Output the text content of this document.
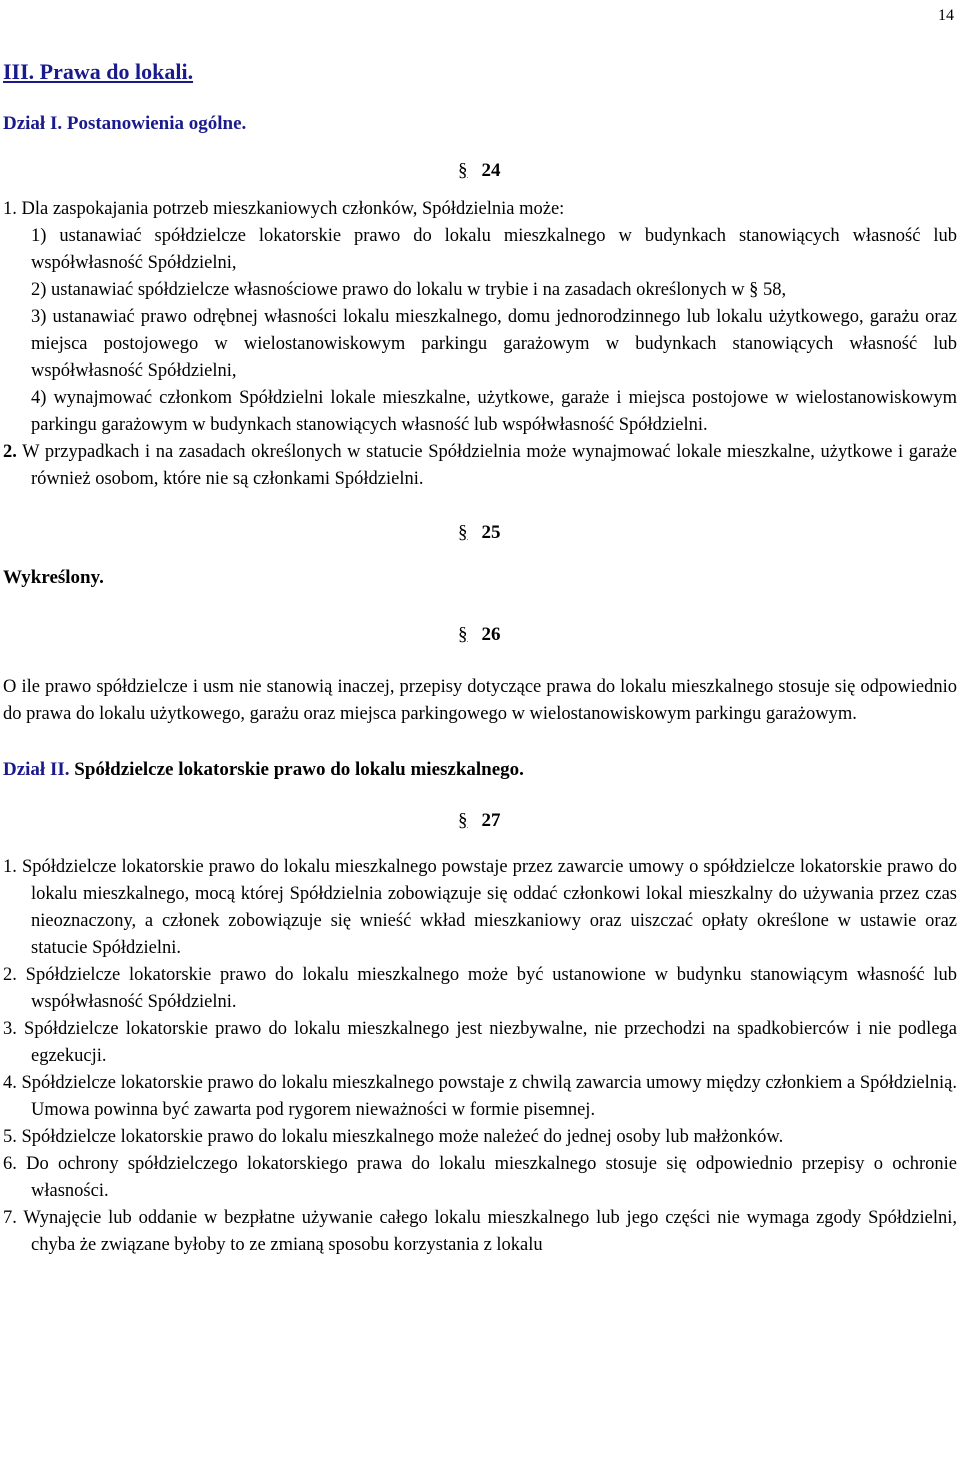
14
III. Prawa do lokali.
Dział I. Postanowienia ogólne.
§ 24

1. Dla zaspokajania potrzeb mieszkaniowych członków, Spółdzielnia może:

1) ustanawiać spółdzielcze lokatorskie prawo do lokalu mieszkalnego w budynkach stanowiących własność lub współwłasność Spółdzielni,

2) ustanawiać spółdzielcze własnościowe prawo do lokalu w trybie i na zasadach określonych w § 58,

3) ustanawiać prawo odrębnej własności lokalu mieszkalnego, domu jednorodzinnego lub lokalu użytkowego, garażu oraz miejsca postojowego w wielostanowiskowym parkingu garażowym w budynkach stanowiących własność lub współwłasność Spółdzielni,

4) wynajmować członkom Spółdzielni lokale mieszkalne, użytkowe, garaże i miejsca postojowe w wielostanowiskowym parkingu garażowym w budynkach stanowiących własność lub współwłasność Spółdzielni.

2. W przypadkach i na zasadach określonych w statucie Spółdzielnia może wynajmować lokale mieszkalne, użytkowe i garaże również osobom, które nie są członkami Spółdzielni.

§ 25

Wykreślony.

§ 26

O ile prawo spółdzielcze i usm nie stanowią inaczej, przepisy dotyczące prawa do lokalu mieszkalnego stosuje się odpowiednio do prawa do lokalu użytkowego, garażu oraz miejsca parkingowego w wielostanowiskowym parkingu garażowym.

Dział II. Spółdzielcze lokatorskie prawo do lokalu mieszkalnego.
§ 27

1. Spółdzielcze lokatorskie prawo do lokalu mieszkalnego powstaje przez zawarcie umowy o spółdzielcze lokatorskie prawo do lokalu mieszkalnego, mocą której Spółdzielnia zobowiązuje się oddać członkowi lokal mieszkalny do używania przez czas nieoznaczony, a członek zobowiązuje się wnieść wkład mieszkaniowy oraz uiszczać opłaty określone w ustawie oraz statucie Spółdzielni.

2. Spółdzielcze lokatorskie prawo do lokalu mieszkalnego może być ustanowione w budynku stanowiącym własność lub współwłasność Spółdzielni.

3. Spółdzielcze lokatorskie prawo do lokalu mieszkalnego jest niezbywalne, nie przechodzi na spadkobierców i nie podlega egzekucji.

4. Spółdzielcze lokatorskie prawo do lokalu mieszkalnego powstaje z chwilą zawarcia umowy między członkiem a Spółdzielnią. Umowa powinna być zawarta pod rygorem nieważności w formie pisemnej.

5. Spółdzielcze lokatorskie prawo do lokalu mieszkalnego może należeć do jednej osoby lub małżonków.

6. Do ochrony spółdzielczego lokatorskiego prawa do lokalu mieszkalnego stosuje się odpowiednio przepisy o ochronie własności.

7. Wynajęcie lub oddanie w bezpłatne używanie całego lokalu mieszkalnego lub jego części nie wymaga zgody Spółdzielni, chyba że związane byłoby to ze zmianą sposobu korzystania z lokalu
